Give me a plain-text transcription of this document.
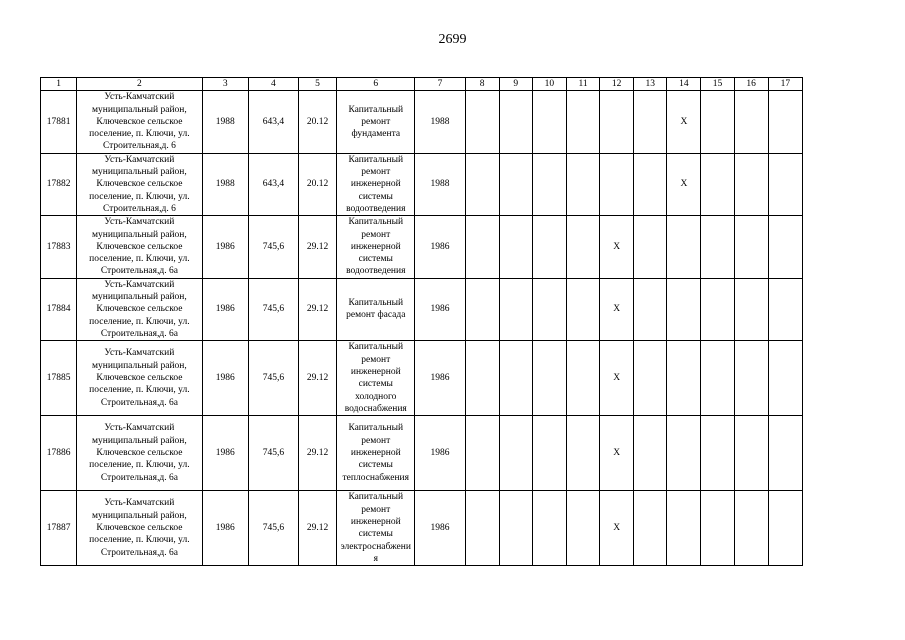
2699
1	2	3	4	5	6	7	8	9	10	11	12	13	14	15	16	17
17881	Усть-Камчатский муниципальный район, Ключевское сельское поселение, п. Ключи, ул. Строительная,д. 6	1988	643,4	20.12	Капитальный ремонт фундамента	1988							X			
17882	Усть-Камчатский муниципальный район, Ключевское сельское поселение, п. Ключи, ул. Строительная,д. 6	1988	643,4	20.12	Капитальный ремонт инженерной системы водоотведения	1988							X			
17883	Усть-Камчатский муниципальный район, Ключевское сельское поселение, п. Ключи, ул. Строительная,д. 6а	1986	745,6	29.12	Капитальный ремонт инженерной системы водоотведения	1986					X					
17884	Усть-Камчатский муниципальный район, Ключевское сельское поселение, п. Ключи, ул. Строительная,д. 6а	1986	745,6	29.12	Капитальный ремонт фасада	1986					X					
17885	Усть-Камчатский муниципальный район, Ключевское сельское поселение, п. Ключи, ул. Строительная,д. 6а	1986	745,6	29.12	Капитальный ремонт инженерной системы холодного водоснабжения	1986					X					
17886	Усть-Камчатский муниципальный район, Ключевское сельское поселение, п. Ключи, ул. Строительная,д. 6а	1986	745,6	29.12	Капитальный ремонт инженерной системы теплоснабжения	1986					X					
17887	Усть-Камчатский муниципальный район, Ключевское сельское поселение, п. Ключи, ул. Строительная,д. 6а	1986	745,6	29.12	Капитальный ремонт инженерной системы электроснабжения	1986					X					
